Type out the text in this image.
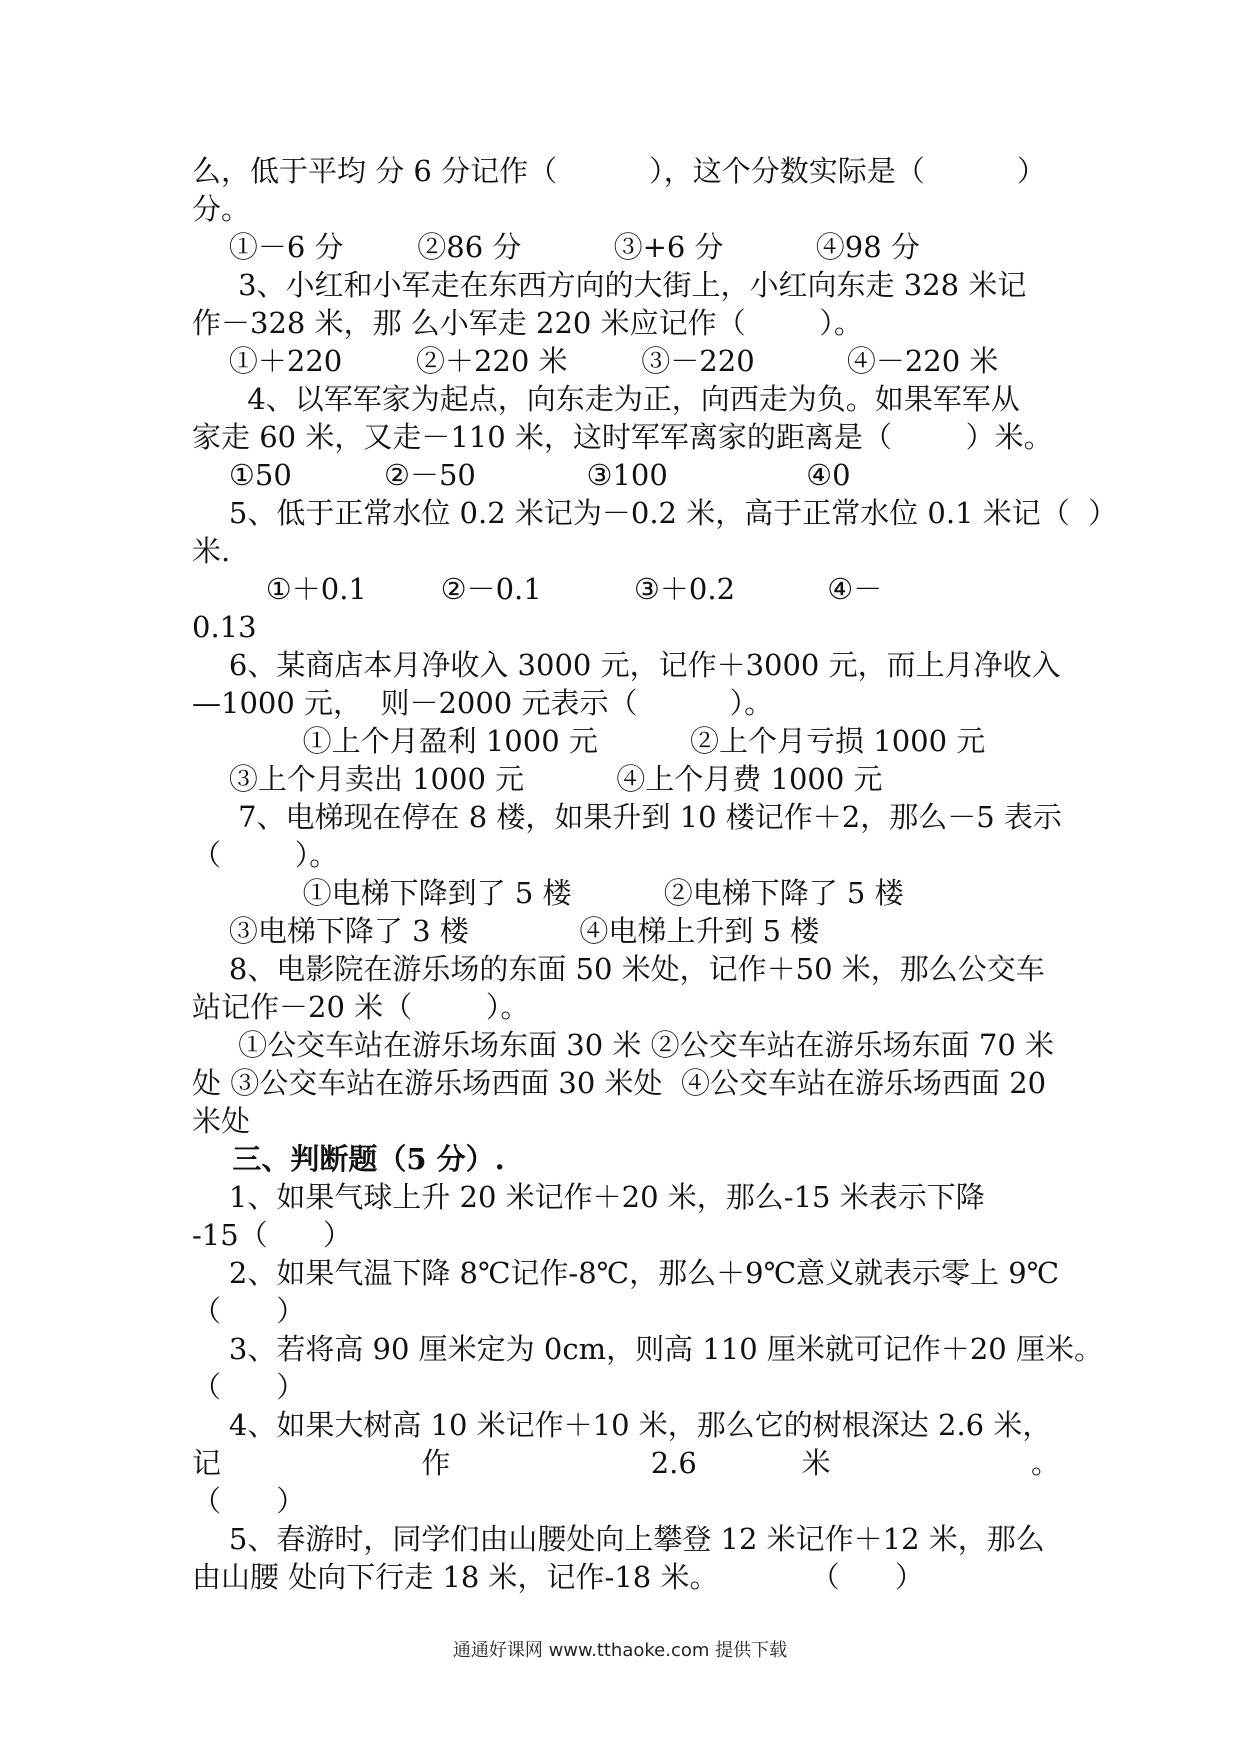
么，低于平均 分 6 分记作（          ），这个分数实际是（          ）
分。
①－6 分        ②86 分          ③+6 分          ④98 分
3、小红和小军走在东西方向的大街上，小红向东走 328 米记
作－328 米，那 么小军走 220 米应记作（        ）。
①＋220        ②＋220 米        ③－220          ④－220 米
4、以军军家为起点，向东走为正，向西走为负。如果军军从
家走 60 米，又走－110 米，这时军军离家的距离是（        ）米。
①50          ②－50            ③100               ④0
5、低于正常水位 0.2 米记为－0.2 米，高于正常水位 0.1 米记（  ）
米.
①＋0.1        ②－0.1          ③＋0.2          ④－
0.13
6、某商店本月净收入 3000 元，记作＋3000 元，而上月净收入
—1000 元，  则－2000 元表示（          ）。
①上个月盈利 1000 元          ②上个月亏损 1000 元
③上个月卖出 1000 元          ④上个月费 1000 元
7、电梯现在停在 8 楼，如果升到 10 楼记作＋2，那么－5 表示
（        ）。
①电梯下降到了 5 楼          ②电梯下降了 5 楼
③电梯下降了 3 楼            ④电梯上升到 5 楼
8、电影院在游乐场的东面 50 米处，记作＋50 米，那么公交车
站记作－20 米（        ）。
①公交车站在游乐场东面 30 米 ②公交车站在游乐场东面 70 米
处 ③公交车站在游乐场西面 30 米处  ④公交车站在游乐场西面 20
米处
三、判断题（5 分）.
1、如果气球上升 20 米记作＋20 米，那么-15 米表示下降
-15（      ）
2、如果气温下降 8℃记作-8℃，那么＋9℃意义就表示零上 9℃
（      ）
3、若将高 90 厘米定为 0cm，则高 110 厘米就可记作＋20 厘米。
（      ）
4、如果大树高 10 米记作＋10 米，那么它的树根深达 2.6 米，
记 作 2.6 米 。
（      ）
5、春游时，同学们由山腰处向上攀登 12 米记作＋12 米，那么
由山腰 处向下行走 18 米，记作-18 米。          （      ）
通通好课网 www.tthaoke.com 提供下载
